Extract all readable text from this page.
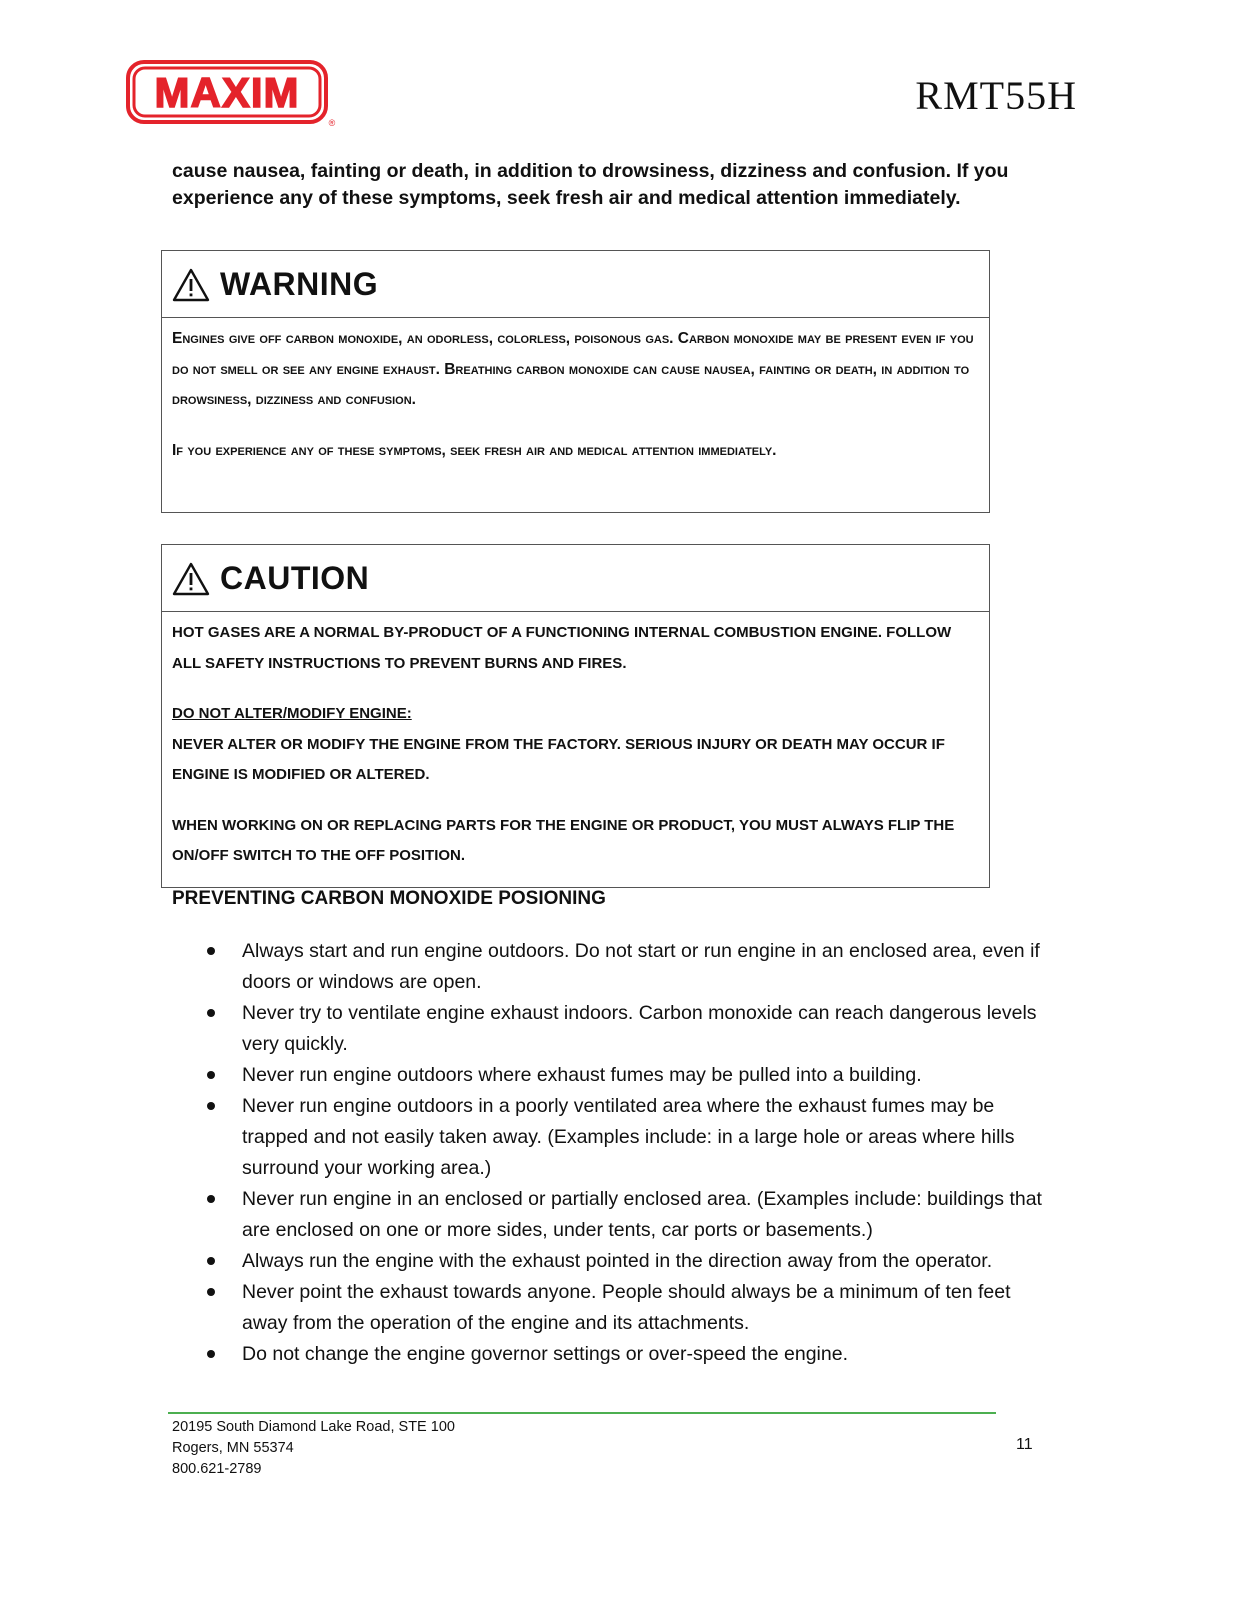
MAXIM
®
RMT55H

cause nausea, fainting or death, in addition to drowsiness, dizziness and confusion. If you experience any of these symptoms, seek fresh air and medical attention immediately.

WARNING

Engines give off carbon monoxide, an odorless, colorless, poisonous gas. Carbon monoxide may be present even if you do not smell or see any engine exhaust. Breathing carbon monoxide can cause nausea, fainting or death, in addition to drowsiness, dizziness and confusion.

If you experience any of these symptoms, seek fresh air and medical attention immediately.

CAUTION

HOT GASES ARE A NORMAL BY-PRODUCT OF A FUNCTIONING INTERNAL COMBUSTION ENGINE. FOLLOW ALL SAFETY INSTRUCTIONS TO PREVENT BURNS AND FIRES.

DO NOT ALTER/MODIFY ENGINE:

NEVER ALTER OR MODIFY THE ENGINE FROM THE FACTORY. SERIOUS INJURY OR DEATH MAY OCCUR IF ENGINE IS MODIFIED OR ALTERED.

WHEN WORKING ON OR REPLACING PARTS FOR THE ENGINE OR PRODUCT, YOU MUST ALWAYS FLIP THE ON/OFF SWITCH TO THE OFF POSITION.

PREVENTING CARBON MONOXIDE POSIONING
Always start and run engine outdoors. Do not start or run engine in an enclosed area, even if doors or windows are open.
Never try to ventilate engine exhaust indoors. Carbon monoxide can reach dangerous levels very quickly.
Never run engine outdoors where exhaust fumes may be pulled into a building.
Never run engine outdoors in a poorly ventilated area where the exhaust fumes may be trapped and not easily taken away. (Examples include: in a large hole or areas where hills surround your working area.)
Never run engine in an enclosed or partially enclosed area. (Examples include: buildings that are enclosed on one or more sides, under tents, car ports or basements.)
Always run the engine with the exhaust pointed in the direction away from the operator.
Never point the exhaust towards anyone. People should always be a minimum of ten feet away from the operation of the engine and its attachments.
Do not change the engine governor settings or over-speed the engine.
20195 South Diamond Lake Road, STE 100
Rogers, MN 55374
800.621-2789
11
